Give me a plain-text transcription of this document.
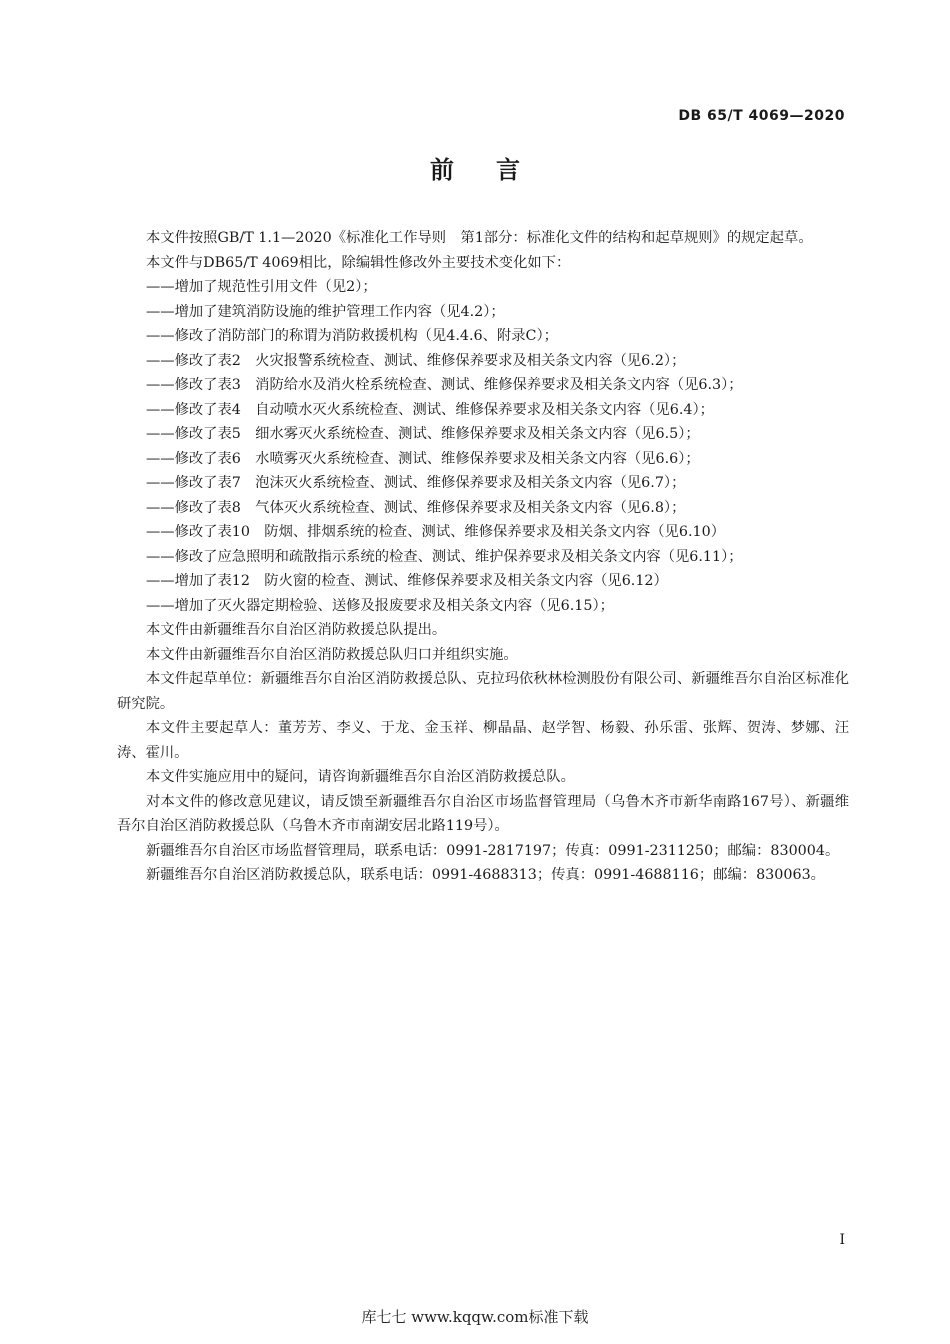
DB 65/T 4069—2020
前言

本文件按照GB/T 1.1—2020《标准化工作导则　第1部分：标准化文件的结构和起草规则》的规定起草。

本文件与DB65/T 4069相比，除编辑性修改外主要技术变化如下：

——增加了规范性引用文件（见2）；

——增加了建筑消防设施的维护管理工作内容（见4.2）；

——修改了消防部门的称谓为消防救援机构（见4.4.6、附录C）；

——修改了表2　火灾报警系统检查、测试、维修保养要求及相关条文内容（见6.2）；

——修改了表3　消防给水及消火栓系统检查、测试、维修保养要求及相关条文内容（见6.3）；

——修改了表4　自动喷水灭火系统检查、测试、维修保养要求及相关条文内容（见6.4）；

——修改了表5　细水雾灭火系统检查、测试、维修保养要求及相关条文内容（见6.5）；

——修改了表6　水喷雾灭火系统检查、测试、维修保养要求及相关条文内容（见6.6）；

——修改了表7　泡沫灭火系统检查、测试、维修保养要求及相关条文内容（见6.7）；

——修改了表8　气体灭火系统检查、测试、维修保养要求及相关条文内容（见6.8）；

——修改了表10　防烟、排烟系统的检查、测试、维修保养要求及相关条文内容（见6.10）

——修改了应急照明和疏散指示系统的检查、测试、维护保养要求及相关条文内容（见6.11）；

——增加了表12　防火窗的检查、测试、维修保养要求及相关条文内容（见6.12）

——增加了灭火器定期检验、送修及报废要求及相关条文内容（见6.15）；

本文件由新疆维吾尔自治区消防救援总队提出。

本文件由新疆维吾尔自治区消防救援总队归口并组织实施。

本文件起草单位：新疆维吾尔自治区消防救援总队、克拉玛依秋林检测股份有限公司、新疆维吾尔自治区标准化研究院。

本文件主要起草人：董芳芳、李义、于龙、金玉祥、柳晶晶、赵学智、杨毅、孙乐雷、张辉、贺涛、梦娜、汪涛、霍川。

本文件实施应用中的疑问，请咨询新疆维吾尔自治区消防救援总队。

对本文件的修改意见建议，请反馈至新疆维吾尔自治区市场监督管理局（乌鲁木齐市新华南路167号）、新疆维吾尔自治区消防救援总队（乌鲁木齐市南湖安居北路119号）。

新疆维吾尔自治区市场监督管理局，联系电话：0991-2817197；传真：0991-2311250；邮编：830004。

新疆维吾尔自治区消防救援总队，联系电话：0991-4688313；传真：0991-4688116；邮编：830063。

I
库七七 www.kqqw.com标准下载
